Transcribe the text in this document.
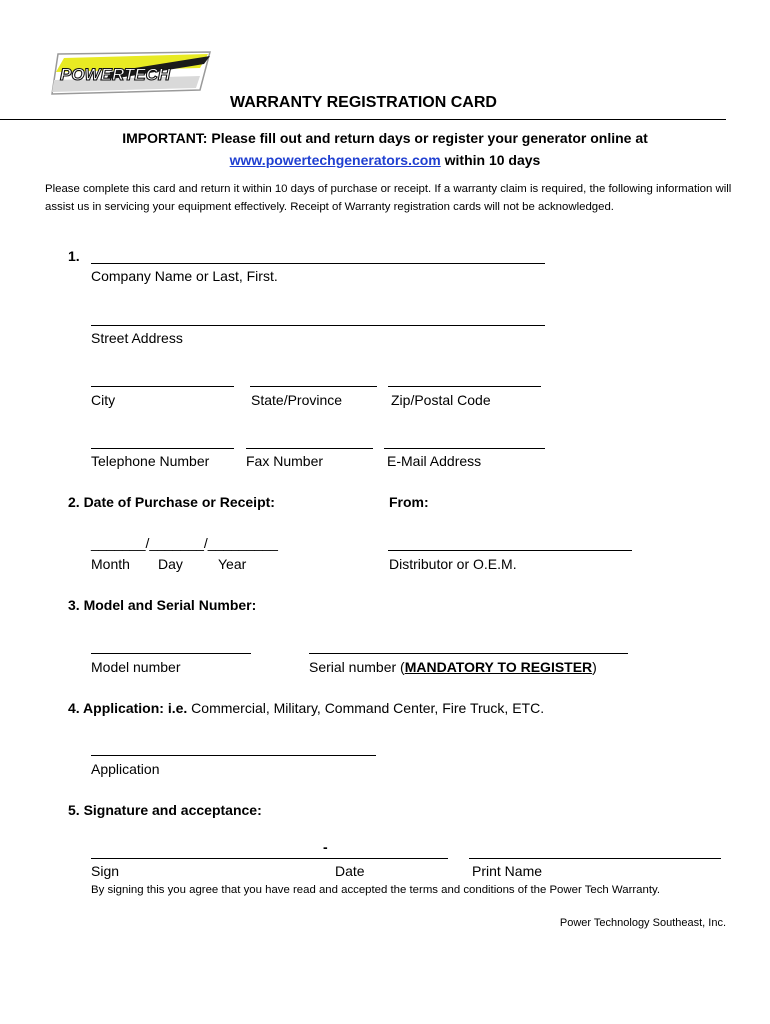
POWERTECH
WARRANTY REGISTRATION CARD
IMPORTANT: Please fill out and return days or register your generator online at
www.powertechgenerators.com within 10 days
Please complete this card and return it within 10 days of purchase or receipt. If a warranty claim is required, the following information will assist us in servicing your equipment effectively. Receipt of Warranty registration cards will not be acknowledged.
1.
Company Name or Last, First.
Street Address
City	State/Province	Zip/Postal Code
Telephone Number	Fax Number	E-Mail Address
2. Date of Purchase or Receipt:	From:
_______/_______/_________
Month Day	Year	Distributor or O.E.M.
3. Model and Serial Number:
Model number	Serial number (MANDATORY TO REGISTER)
4. Application: i.e. Commercial, Military, Command Center, Fire Truck, ETC.
Application
5. Signature and acceptance:
-
Sign	Date	Print Name
By signing this you agree that you have read and accepted the terms and conditions of the Power Tech Warranty.
Power Technology Southeast, Inc.
